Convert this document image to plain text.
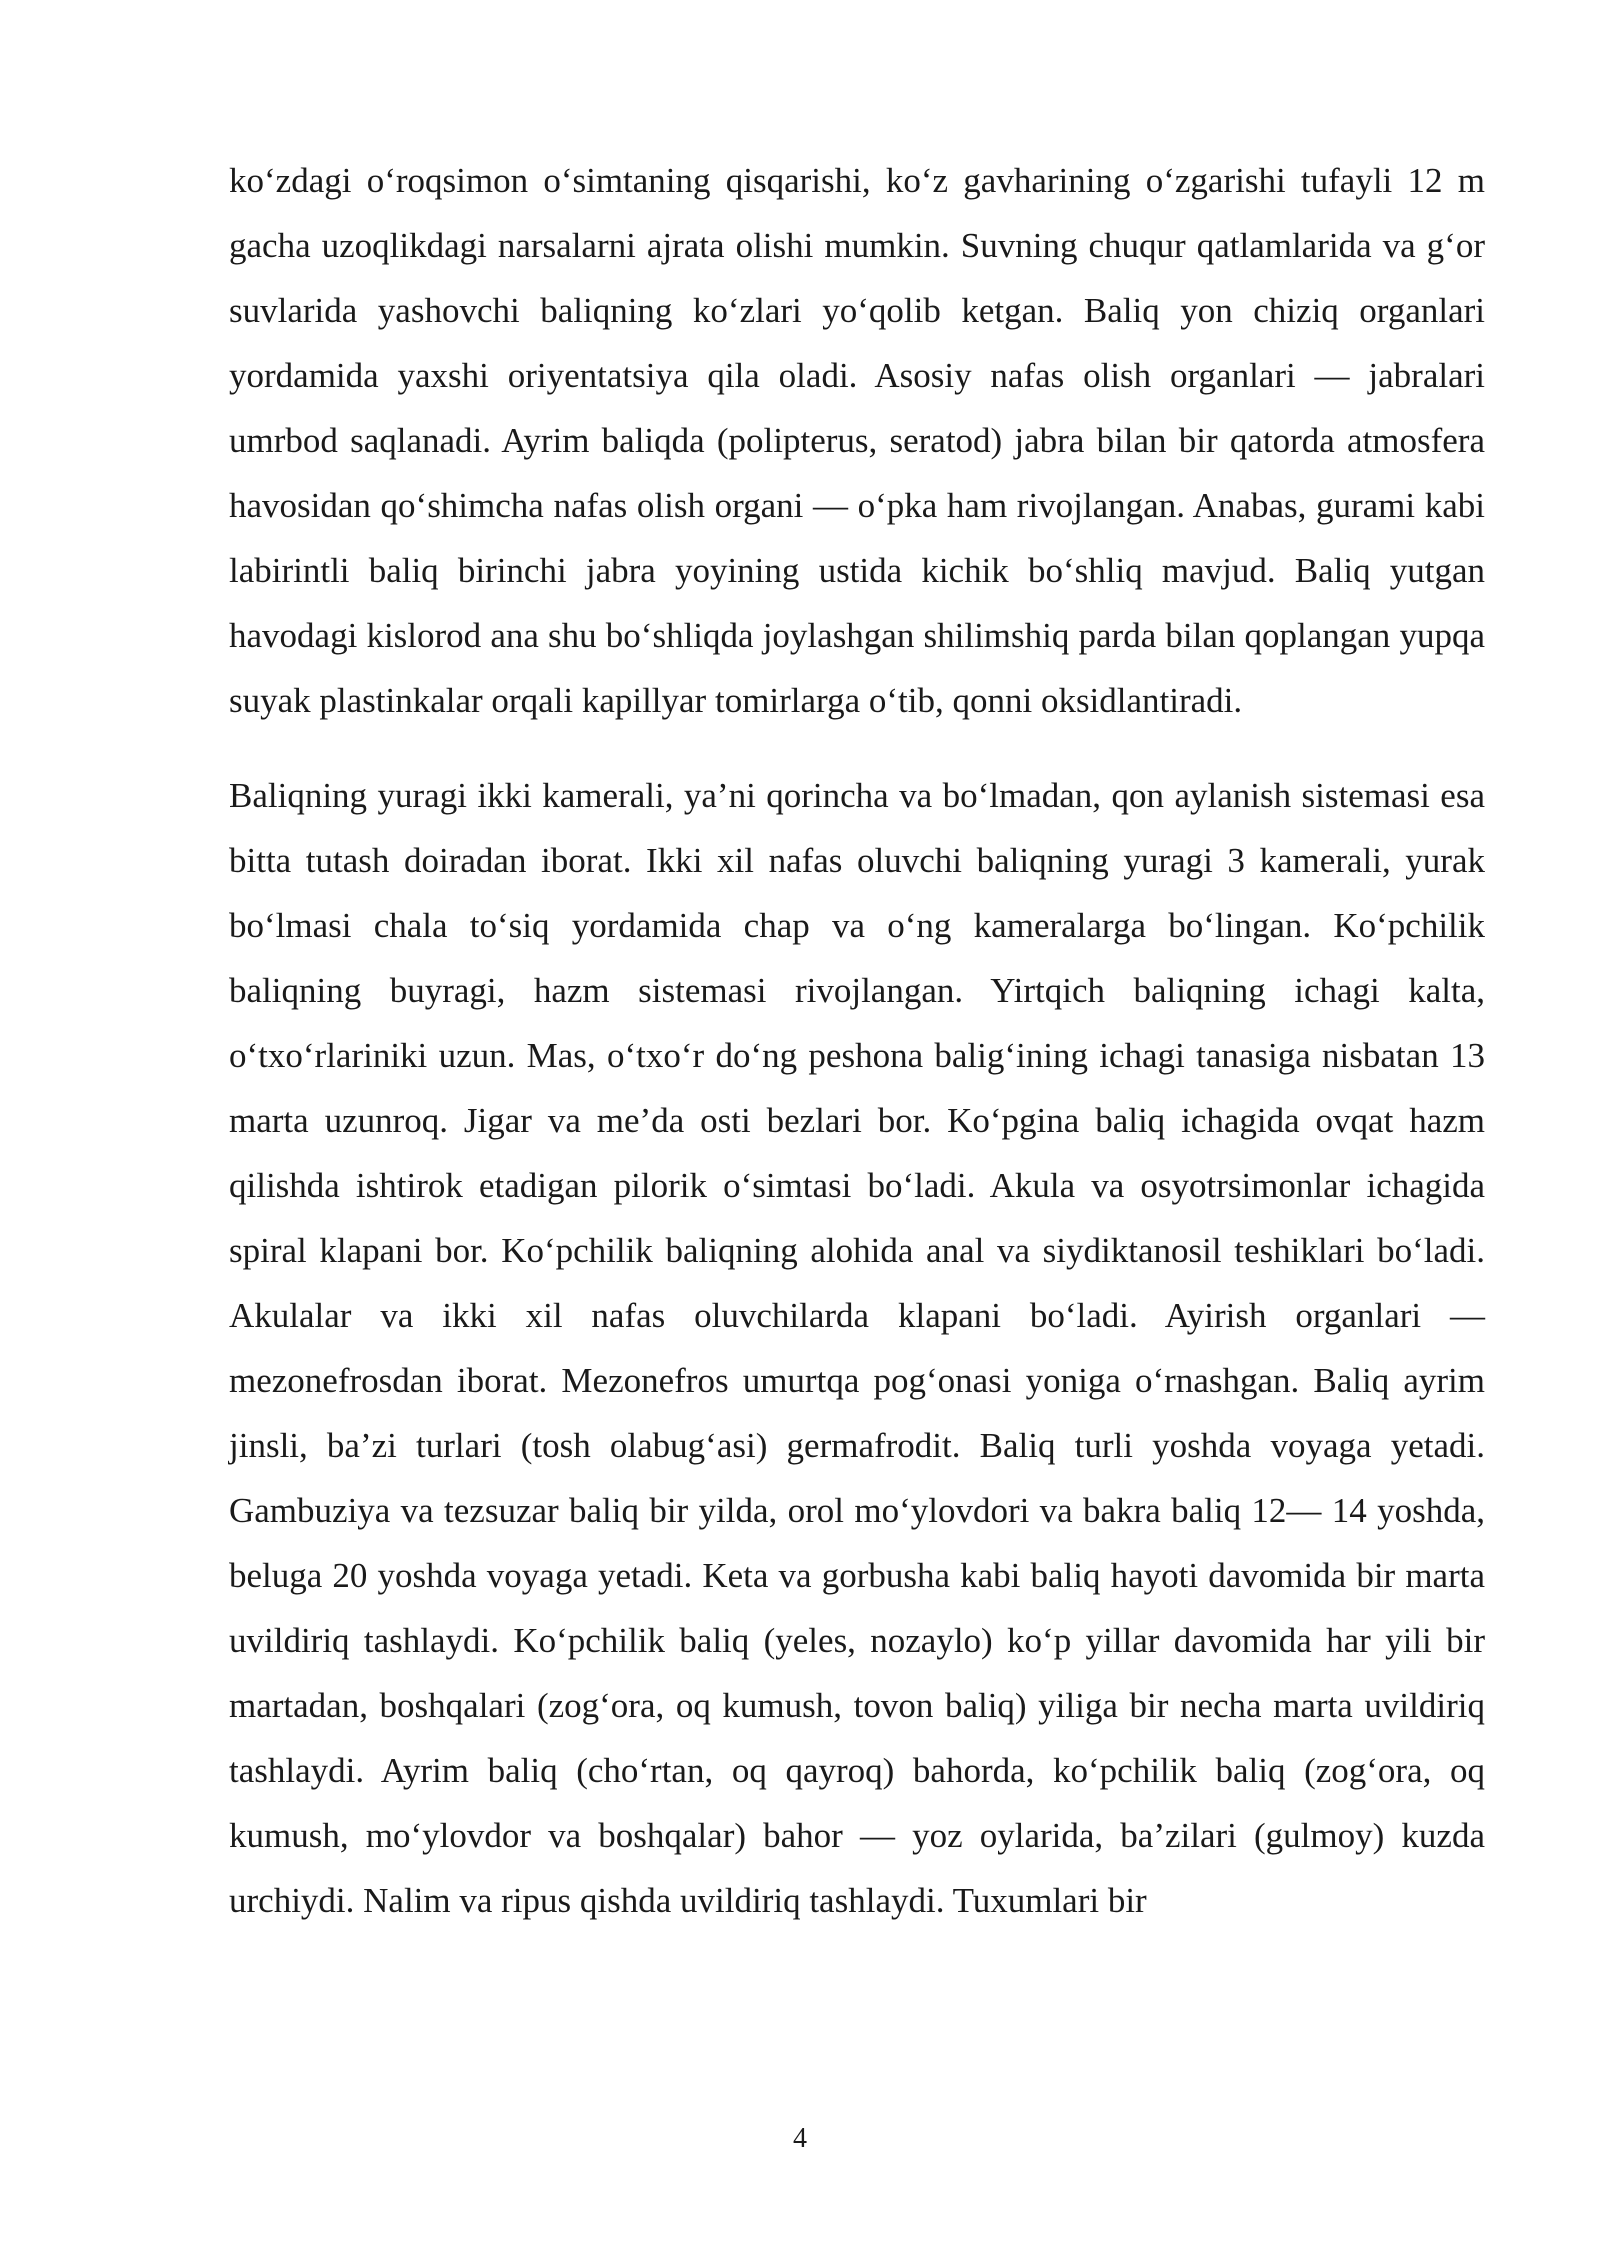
ko‘zdagi o‘roqsimon o‘simtaning qisqarishi, ko‘z gavharining o‘zgarishi tufayli 12 m gacha uzoqlikdagi narsalarni ajrata olishi mumkin. Suvning chuqur qatlamlarida va g‘or suvlarida yashovchi baliqning ko‘zlari yo‘qolib ketgan. Baliq yon chiziq organlari yordamida yaxshi oriyentatsiya qila oladi. Asosiy nafas olish organlari — jabralari umrbod saqlanadi. Ayrim baliqda (polipterus, seratod) jabra bilan bir qatorda atmosfera havosidan qo‘shimcha nafas olish organi — o‘pka ham rivojlangan. Anabas, gurami kabi labirintli baliq birinchi jabra yoyining ustida kichik bo‘shliq mavjud. Baliq yutgan havodagi kislorod ana shu bo‘shliqda joylashgan shilimshiq parda bilan qoplangan yupqa suyak plastinkalar orqali kapillyar tomirlarga o‘tib, qonni oksidlantiradi.

Baliqning yuragi ikki kamerali, ya’ni qorincha va bo‘lmadan, qon aylanish sistemasi esa bitta tutash doiradan iborat. Ikki xil nafas oluvchi baliqning yuragi 3 kamerali, yurak bo‘lmasi chala to‘siq yordamida chap va o‘ng kameralarga bo‘lingan. Ko‘pchilik baliqning buyragi, hazm sistemasi rivojlangan. Yirtqich baliqning ichagi kalta, o‘txo‘rlariniki uzun. Mas, o‘txo‘r do‘ng peshona balig‘ining ichagi tanasiga nisbatan 13 marta uzunroq. Jigar va me’da osti bezlari bor. Ko‘pgina baliq ichagida ovqat hazm qilishda ishtirok etadigan pilorik o‘simtasi bo‘ladi. Akula va osyotrsimonlar ichagida spiral klapani bor. Ko‘pchilik baliqning alohida anal va siydiktanosil teshiklari bo‘ladi. Akulalar va ikki xil nafas oluvchilarda klapani bo‘ladi. Ayirish organlari — mezonefrosdan iborat. Mezonefros umurtqa pog‘onasi yoniga o‘rnashgan. Baliq ayrim jinsli, ba’zi turlari (tosh olabug‘asi) germafrodit. Baliq turli yoshda voyaga yetadi. Gambuziya va tezsuzar baliq bir yilda, orol mo‘ylovdori va bakra baliq 12— 14 yoshda, beluga 20 yoshda voyaga yetadi. Keta va gorbusha kabi baliq hayoti davomida bir marta uvildiriq tashlaydi. Ko‘pchilik baliq (yeles, nozaylo) ko‘p yillar davomida har yili bir martadan, boshqalari (zog‘ora, oq kumush, tovon baliq) yiliga bir necha marta uvildiriq tashlaydi. Ayrim baliq (cho‘rtan, oq qayroq) bahorda, ko‘pchilik baliq (zog‘ora, oq kumush, mo‘ylovdor va boshqalar) bahor — yoz oylarida, ba’zilari (gulmoy) kuzda urchiydi. Nalim va ripus qishda uvildiriq tashlaydi. Tuxumlari bir

4
